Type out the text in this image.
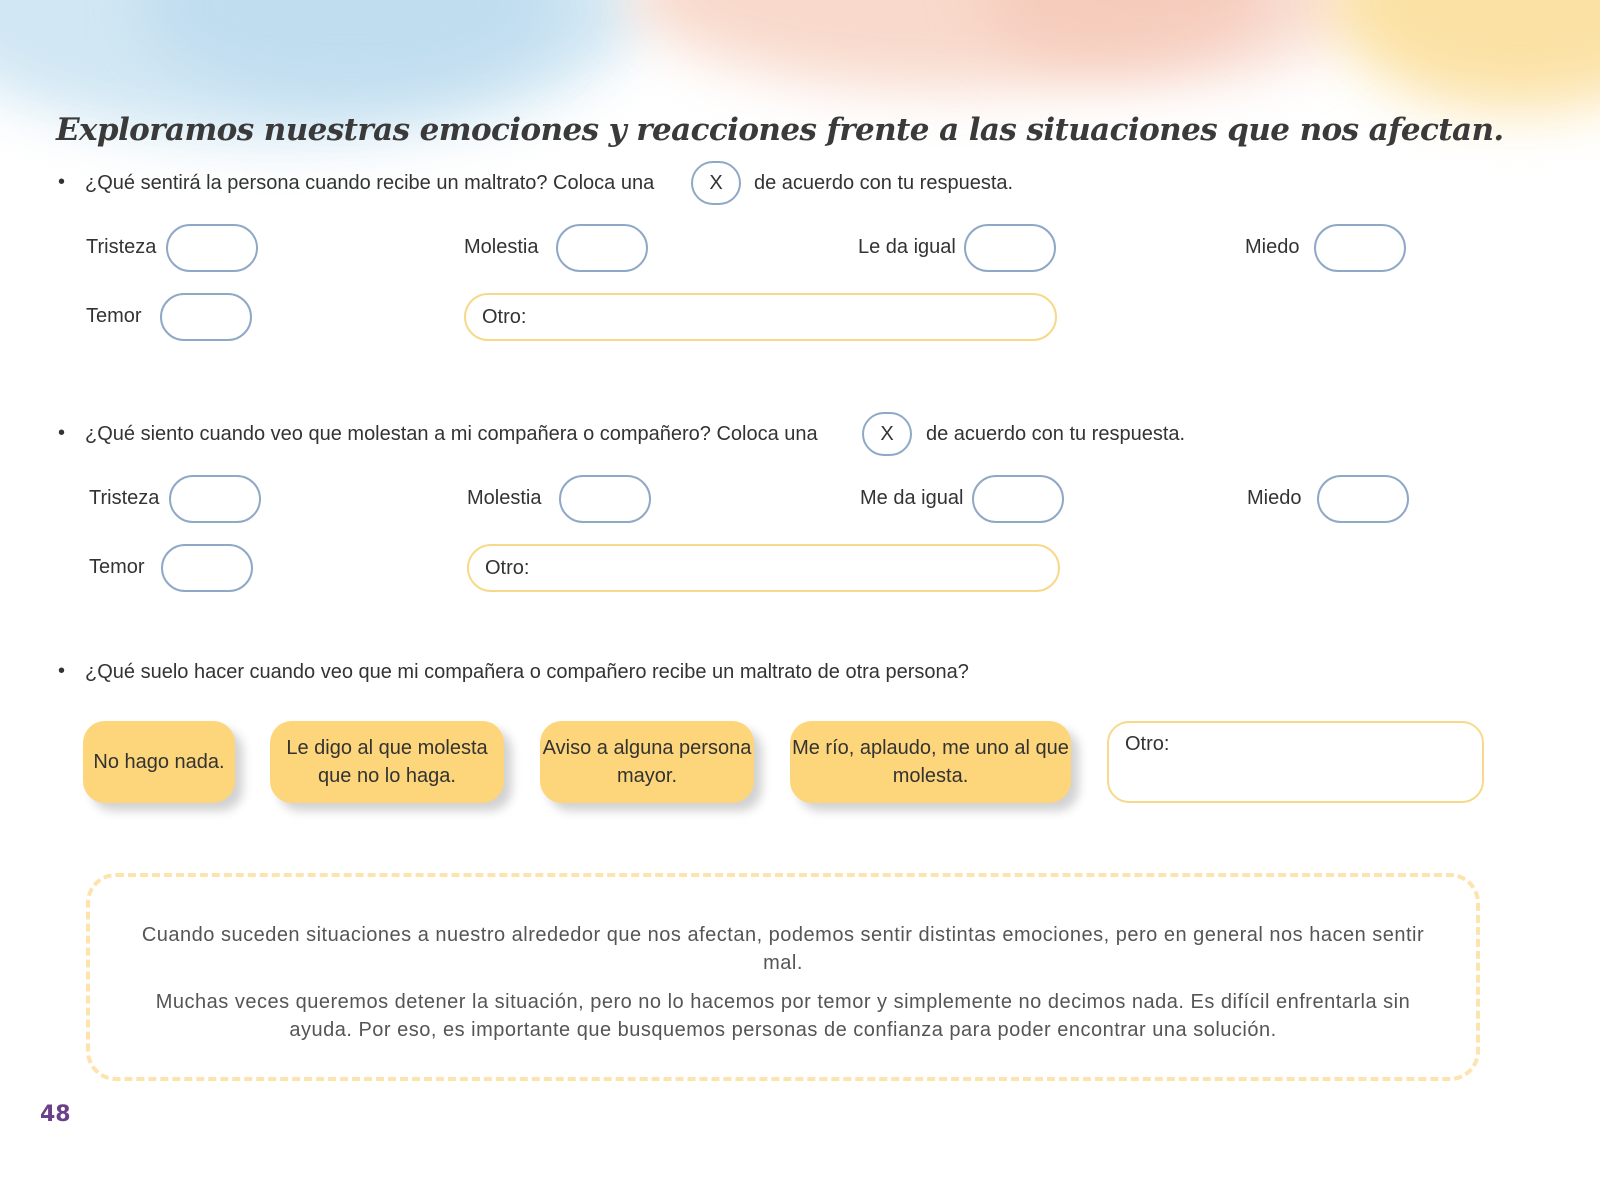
Exploramos nuestras emociones y reacciones frente a las situaciones que nos afectan.
• ¿Qué sentirá la persona cuando recibe un maltrato? Coloca una	X	de acuerdo con tu respuesta.
Tristeza	Molestia	Le da igual	Miedo
Temor	Otro:
• ¿Qué siento cuando veo que molestan a mi compañera o compañero? Coloca una	X	de acuerdo con tu respuesta.
Tristeza	Molestia	Me da igual	Miedo
Temor	Otro:
• ¿Qué suelo hacer cuando veo que mi compañera o compañero recibe un maltrato de otra persona?
No hago nada.
Le digo al que molesta que no lo haga.
Aviso a alguna persona mayor.
Me río, aplaudo, me uno al que molesta.
Otro:

Cuando suceden situaciones a nuestro alrededor que nos afectan, podemos sentir distintas emociones, pero en general nos hacen sentir mal.

Muchas veces queremos detener la situación, pero no lo hacemos por temor y simplemente no decimos nada. Es difícil enfrentarla sin ayuda. Por eso, es importante que busquemos personas de confianza para poder encontrar una solución.

48
